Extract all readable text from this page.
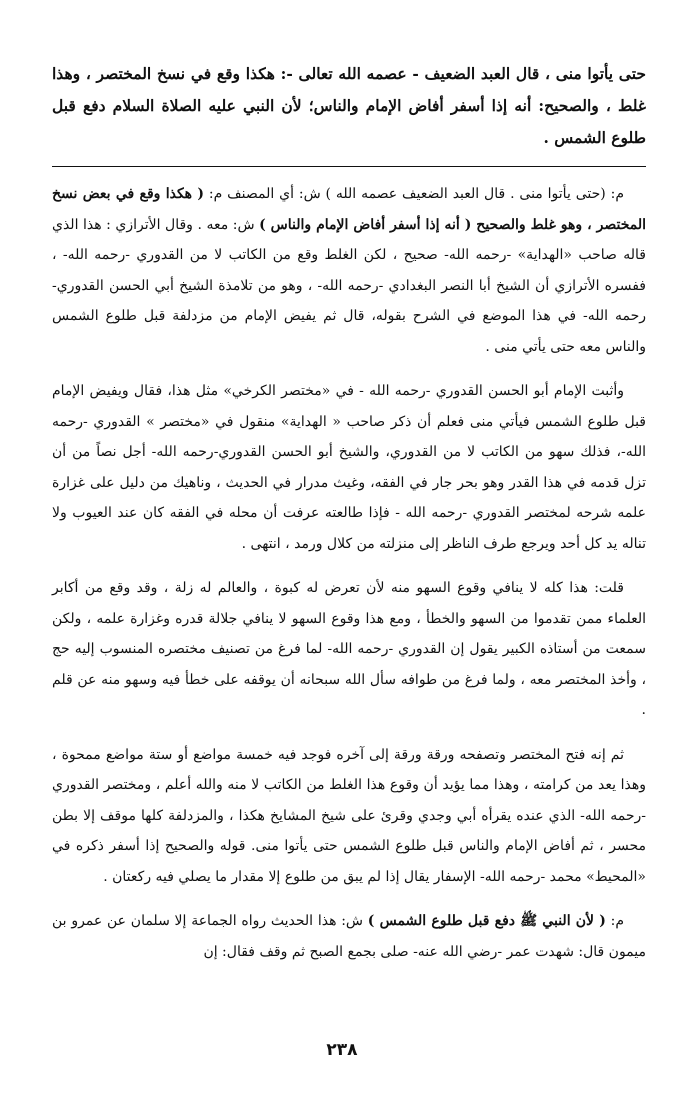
حتى يأتوا منى ، قال العبد الضعيف - عصمه الله تعالى -: هكذا وقع في نسخ المختصر ، وهذا غلط ، والصحيح: أنه إذا أسفر أفاض الإمام والناس؛ لأن النبي عليه الصلاة السلام دفع قبل طلوع الشمس .

م: (حتى يأتوا منى . قال العبد الضعيف عصمه الله ) ش: أي المصنف م: ( هكذا وقع في بعض نسخ المختصر ، وهو غلط والصحيح ( أنه إذا أسفر أفاض الإمام والناس ) ش: معه . وقال الأترازي : هذا الذي قاله صاحب «الهداية» -رحمه الله- صحيح ، لكن الغلط وقع من الكاتب لا من القدوري -رحمه الله- ، ففسره الأترازي أن الشيخ أبا النصر البغدادي -رحمه الله- ، وهو من تلامذة الشيخ أبي الحسن القدوري-رحمه الله- في هذا الموضع في الشرح بقوله، قال ثم يفيض الإمام من مزدلفة قبل طلوع الشمس والناس معه حتى يأتي منى .

وأثبت الإمام أبو الحسن القدوري -رحمه الله - في «مختصر الكرخي» مثل هذا، فقال ويفيض الإمام قبل طلوع الشمس فيأتي منى فعلم أن ذكر صاحب « الهداية» منقول في «مختصر » القدوري -رحمه الله-، فذلك سهو من الكاتب لا من القدوري، والشيخ أبو الحسن القدوري-رحمه الله- أجل نصاً من أن تزل قدمه في هذا القدر وهو بحر جار في الفقه، وغيث مدرار في الحديث ، وناهيك من دليل على غزارة علمه شرحه لمختصر القدوري -رحمه الله - فإذا طالعته عرفت أن محله في الفقه كان عند العيوب ولا تناله يد كل أحد ويرجع طرف الناظر إلى منزلته من كلال ورمد ، انتهى .

قلت: هذا كله لا ينافي وقوع السهو منه لأن تعرض له كبوة ، والعالم له زلة ، وقد وقع من أكابر العلماء ممن تقدموا من السهو والخطأ ، ومع هذا وقوع السهو لا ينافي جلالة قدره وغزارة علمه ، ولكن سمعت من أستاذه الكبير يقول إن القدوري -رحمه الله- لما فرغ من تصنيف مختصره المنسوب إليه حج ، وأخذ المختصر معه ، ولما فرغ من طوافه سأل الله سبحانه أن يوقفه على خطأ فيه وسهو منه عن قلم .

ثم إنه فتح المختصر وتصفحه ورقة ورقة إلى آخره فوجد فيه خمسة مواضع أو ستة مواضع ممحوة ، وهذا يعد من كرامته ، وهذا مما يؤيد أن وقوع هذا الغلط من الكاتب لا منه والله أعلم ، ومختصر القدوري -رحمه الله- الذي عنده يقرأه أبي وجدي وقرئ على شيخ المشايخ هكذا ، والمزدلفة كلها موقف إلا بطن محسر ، ثم أفاض الإمام والناس قبل طلوع الشمس حتى يأتوا منى. قوله والصحيح إذا أسفر ذكره في «المحيط» محمد -رحمه الله- الإسفار يقال إذا لم يبق من طلوع إلا مقدار ما يصلي فيه ركعتان .

م: ( لأن النبي ﷺ دفع قبل طلوع الشمس ) ش: هذا الحديث رواه الجماعة إلا سلمان عن عمرو بن ميمون قال: شهدت عمر -رضي الله عنه- صلى بجمع الصبح ثم وقف فقال: إن

٢٣٨
